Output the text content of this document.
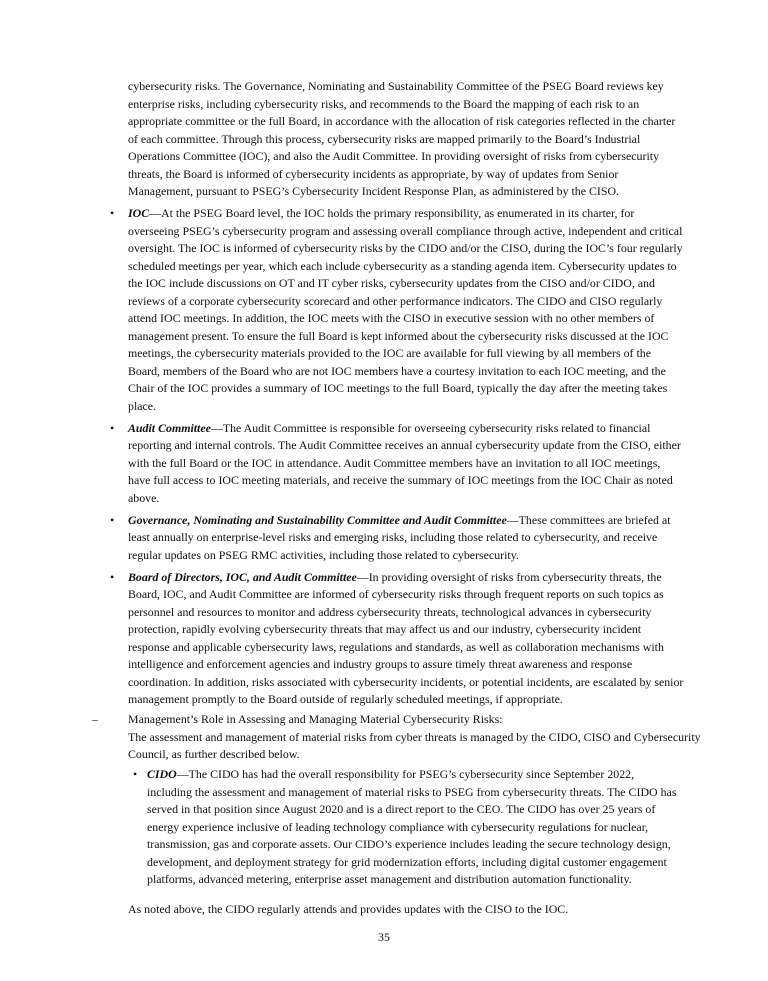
cybersecurity risks. The Governance, Nominating and Sustainability Committee of the PSEG Board reviews key
enterprise risks, including cybersecurity risks, and recommends to the Board the mapping of each risk to an
appropriate committee or the full Board, in accordance with the allocation of risk categories reflected in the charter
of each committee. Through this process, cybersecurity risks are mapped primarily to the Board’s Industrial
Operations Committee (IOC), and also the Audit Committee. In providing oversight of risks from cybersecurity
threats, the Board is informed of cybersecurity incidents as appropriate, by way of updates from Senior
Management, pursuant to PSEG’s Cybersecurity Incident Response Plan, as administered by the CISO.
•	IOC—At the PSEG Board level, the IOC holds the primary responsibility, as enumerated in its charter, for
overseeing PSEG’s cybersecurity program and assessing overall compliance through active, independent and critical
oversight. The IOC is informed of cybersecurity risks by the CIDO and/or the CISO, during the IOC’s four regularly
scheduled meetings per year, which each include cybersecurity as a standing agenda item. Cybersecurity updates to
the IOC include discussions on OT and IT cyber risks, cybersecurity updates from the CISO and/or CIDO, and
reviews of a corporate cybersecurity scorecard and other performance indicators. The CIDO and CISO regularly
attend IOC meetings. In addition, the IOC meets with the CISO in executive session with no other members of
management present. To ensure the full Board is kept informed about the cybersecurity risks discussed at the IOC
meetings, the cybersecurity materials provided to the IOC are available for full viewing by all members of the
Board, members of the Board who are not IOC members have a courtesy invitation to each IOC meeting, and the
Chair of the IOC provides a summary of IOC meetings to the full Board, typically the day after the meeting takes
place.
•	Audit Committee—The Audit Committee is responsible for overseeing cybersecurity risks related to financial
reporting and internal controls. The Audit Committee receives an annual cybersecurity update from the CISO, either
with the full Board or the IOC in attendance. Audit Committee members have an invitation to all IOC meetings,
have full access to IOC meeting materials, and receive the summary of IOC meetings from the IOC Chair as noted
above.
•	Governance, Nominating and Sustainability Committee and Audit Committee—These committees are briefed at
least annually on enterprise-level risks and emerging risks, including those related to cybersecurity, and receive
regular updates on PSEG RMC activities, including those related to cybersecurity.
•	Board of Directors, IOC, and Audit Committee—In providing oversight of risks from cybersecurity threats, the
Board, IOC, and Audit Committee are informed of cybersecurity risks through frequent reports on such topics as
personnel and resources to monitor and address cybersecurity threats, technological advances in cybersecurity
protection, rapidly evolving cybersecurity threats that may affect us and our industry, cybersecurity incident
response and applicable cybersecurity laws, regulations and standards, as well as collaboration mechanisms with
intelligence and enforcement agencies and industry groups to assure timely threat awareness and response
coordination. In addition, risks associated with cybersecurity incidents, or potential incidents, are escalated by senior
management promptly to the Board outside of regularly scheduled meetings, if appropriate.
–	Management’s Role in Assessing and Managing Material Cybersecurity Risks:
The assessment and management of material risks from cyber threats is managed by the CIDO, CISO and Cybersecurity
Council, as further described below.
• CIDO—The CIDO has had the overall responsibility for PSEG’s cybersecurity since September 2022,
including the assessment and management of material risks to PSEG from cybersecurity threats. The CIDO has
served in that position since August 2020 and is a direct report to the CEO. The CIDO has over 25 years of
energy experience inclusive of leading technology compliance with cybersecurity regulations for nuclear,
transmission, gas and corporate assets. Our CIDO’s experience includes leading the secure technology design,
development, and deployment strategy for grid modernization efforts, including digital customer engagement
platforms, advanced metering, enterprise asset management and distribution automation functionality.
As noted above, the CIDO regularly attends and provides updates with the CISO to the IOC.
35
